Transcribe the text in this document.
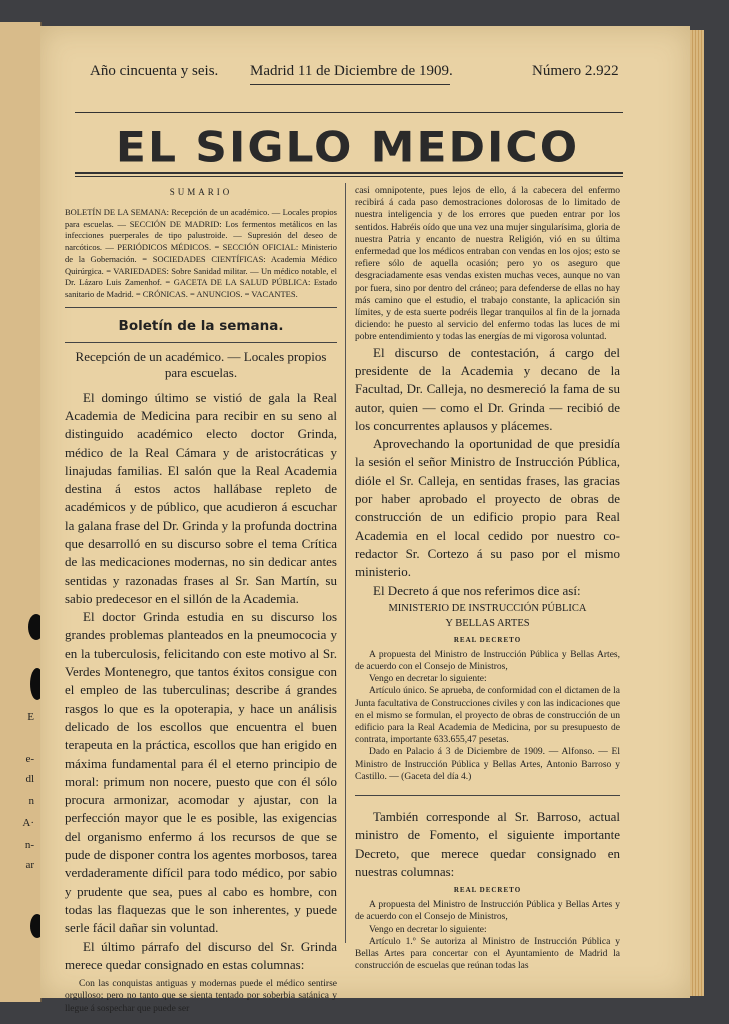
E
e-
dl
n
A·
n-
ar
Año cincuenta y seis. Madrid 11 de Diciembre de 1909.	Número 2.922
EL SIGLO MEDICO
SUMARIO
BOLETÍN DE LA SEMANA: Recepción de un académico. — Locales propios para escuelas. — SECCIÓN DE MADRID: Los fermentos metálicos en las infecciones puerperales de tipo palustroide. — Supresión del deseo de narcóticos. — PERIÓDICOS MÉDICOS. = SECCIÓN OFICIAL: Ministerio de la Gobernación. = SOCIEDADES CIENTÍFICAS: Academia Médico Quirúrgica. = VARIEDADES: Sobre Sanidad militar. — Un médico notable, el Dr. Lázaro Luis Zamenhof. = GACETA DE LA SALUD PÚBLICA: Estado sanitario de Madrid. = CRÓNICAS. = ANUNCIOS. = VACANTES.
Boletín de la semana.
Recepción de un académico. — Locales propios para escuelas.

El domingo último se vistió de gala la Real Academia de Medicina para recibir en su seno al distinguido académico electo doctor Grinda, médico de la Real Cámara y de aristocráticas y linajudas familias. El salón que la Real Academia destina á estos actos hallábase repleto de académicos y de público, que acudieron á escuchar la galana frase del Dr. Grinda y la profunda doctrina que desarrolló en su discurso sobre el tema Crítica de las medicaciones modernas, no sin dedicar antes sentidas y razonadas frases al Sr. San Martín, su sabio predecesor en el sillón de la Academia.

El doctor Grinda estudia en su discurso los grandes problemas planteados en la pneumococia y en la tuberculosis, felicitando con este motivo al Sr. Verdes Montenegro, que tantos éxitos consigue con el empleo de las tuberculinas; describe á grandes rasgos lo que es la opoterapia, y hace un análisis delicado de los escollos que encuentra el buen terapeuta en la práctica, escollos que han erigido en máxima fundamental para él el eterno principio de moral: primum non nocere, puesto que con él sólo procura armonizar, acomodar y ajustar, con la perfección mayor que le es posible, las exigencias del organismo enfermo á los recursos de que se pude de disponer contra los agentes morbosos, tarea verdaderamente difícil para todo médico, por sabio y prudente que sea, pues al cabo es hombre, con todas las flaquezas que le son inherentes, y puede serle fácil dañar sin voluntad.

El último párrafo del discurso del Sr. Grinda merece quedar consignado en estas columnas:

Con las conquistas antiguas y modernas puede el médico sentirse orgulloso; pero no tanto que se sienta tentado por soberbia satánica y llegue á sospechar que puede ser

casi omnipotente, pues lejos de ello, á la cabecera del enfermo recibirá á cada paso demostraciones dolorosas de lo limitado de nuestra inteligencia y de los errores que pueden entrar por los sentidos. Habréis oído que una vez una mujer singularísima, gloria de nuestra Patria y encanto de nuestra Religión, vió en su última enfermedad que los médicos entraban con vendas en los ojos; esto se refiere sólo de aquella ocasión; pero yo os aseguro que desgraciadamente esas vendas existen muchas veces, aunque no van por fuera, sino por dentro del cráneo; para defenderse de ellas no hay más camino que el estudio, el trabajo constante, la aplicación sin límites, y de esta suerte podréis llegar tranquilos al fin de la jornada diciendo: he puesto al servicio del enfermo todas las luces de mi pobre entendimiento y todas las energías de mi vigorosa voluntad.

El discurso de contestación, á cargo del presidente de la Academia y decano de la Facultad, Dr. Calleja, no desmereció la fama de su autor, quien — como el Dr. Grinda — recibió de los concurrentes aplausos y plácemes.

Aprovechando la oportunidad de que presidía la sesión el señor Ministro de Instrucción Pública, dióle el Sr. Calleja, en sentidas frases, las gracias por haber aprobado el proyecto de obras de construcción de un edificio propio para Real Academia en el local cedido por nuestro co-redactor Sr. Cortezo á su paso por el mismo ministerio.

El Decreto á que nos referimos dice así:

MINISTERIO DE INSTRUCCIÓN PÚBLICA
Y BELLAS ARTES
REAL DECRETO

A propuesta del Ministro de Instrucción Pública y Bellas Artes, de acuerdo con el Consejo de Ministros,

Vengo en decretar lo siguiente:

Artículo único. Se aprueba, de conformidad con el dictamen de la Junta facultativa de Construcciones civiles y con las indicaciones que en el mismo se formulan, el proyecto de obras de construcción de un edificio para la Real Academia de Medicina, por su presupuesto de contrata, importante 633.655,47 pesetas.

Dado en Palacio á 3 de Diciembre de 1909. — Alfonso. — El Ministro de Instrucción Pública y Bellas Artes, Antonio Barroso y Castillo. — (Gaceta del día 4.)

También corresponde al Sr. Barroso, actual ministro de Fomento, el siguiente importante Decreto, que merece quedar consignado en nuestras columnas:

REAL DECRETO

A propuesta del Ministro de Instrucción Pública y Bellas Artes y de acuerdo con el Consejo de Ministros,

Vengo en decretar lo siguiente:

Artículo 1.º Se autoriza al Ministro de Instrucción Pública y Bellas Artes para concertar con el Ayuntamiento de Madrid la construcción de escuelas que reúnan todas las
